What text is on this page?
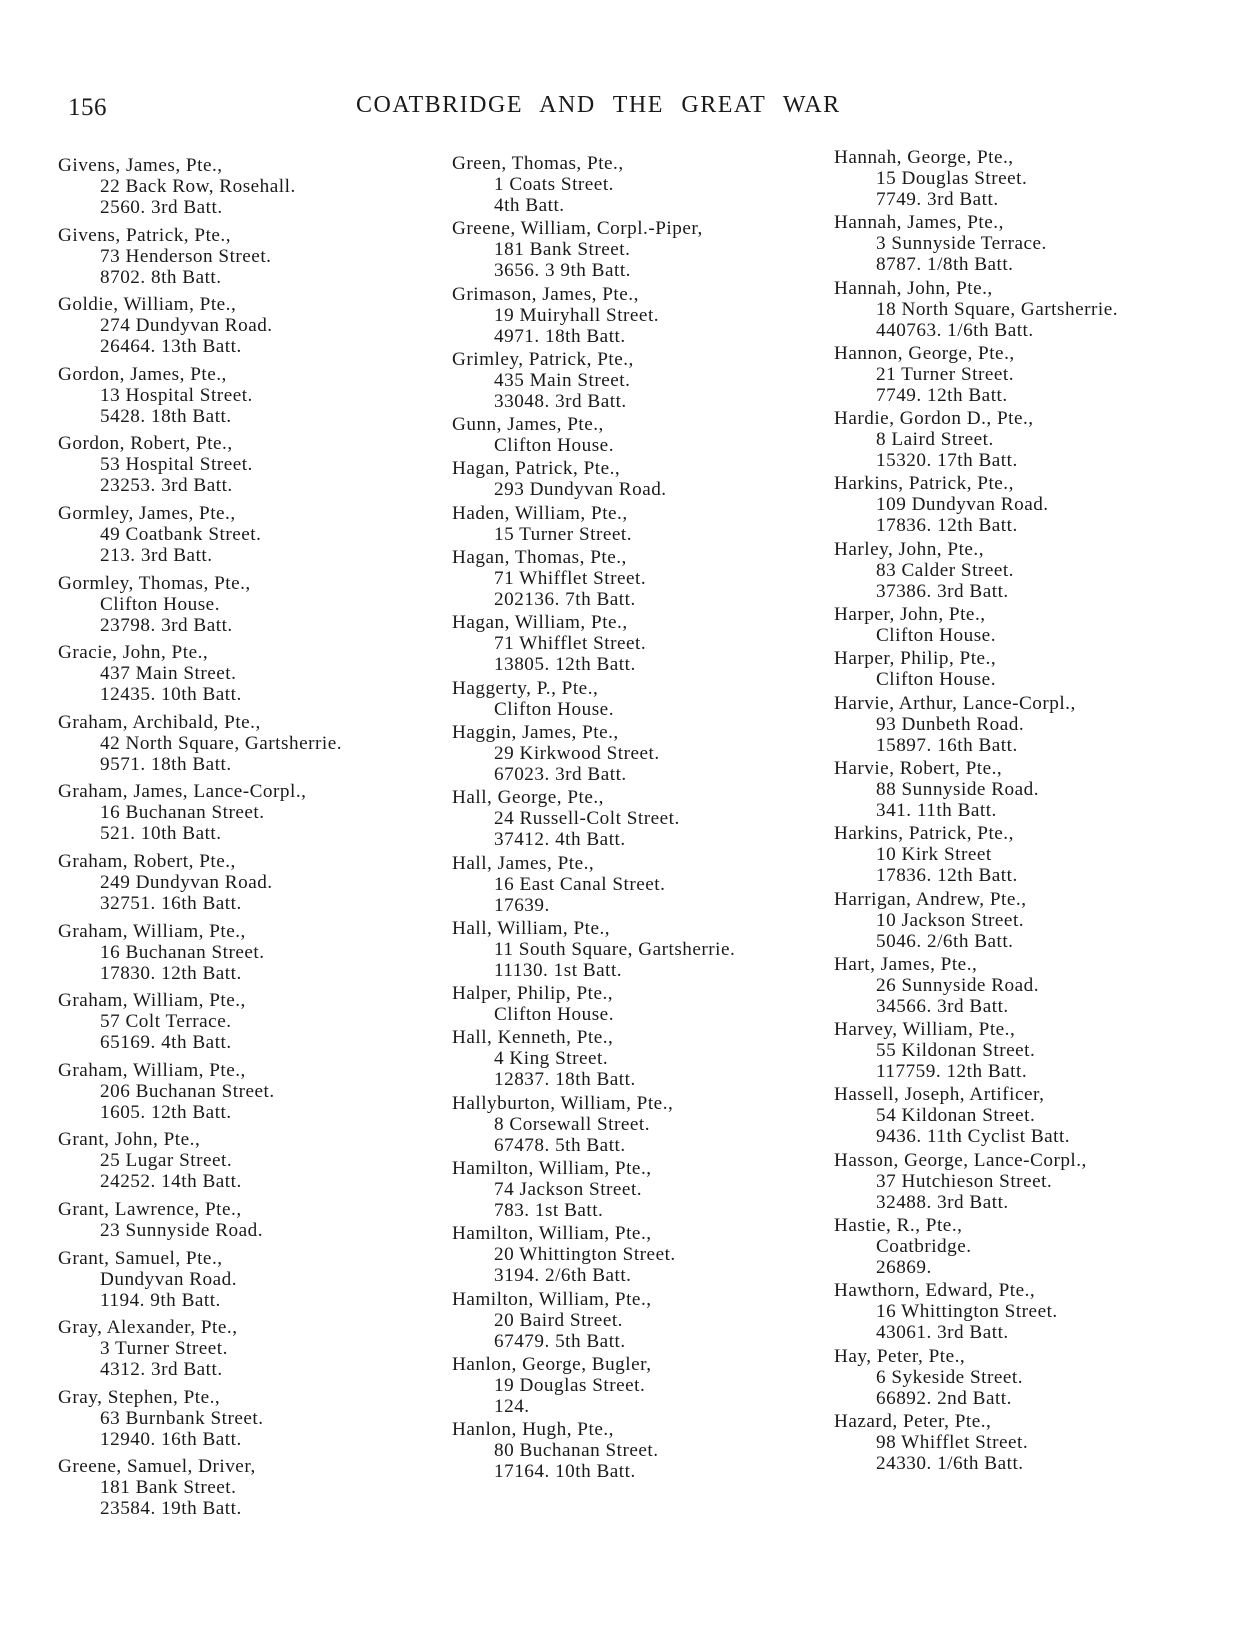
156	COATBRIDGE AND THE GREAT WAR
Givens, James, Pte.,
22 Back Row, Rosehall.
2560. 3rd Batt.
Givens, Patrick, Pte.,
73 Henderson Street.
8702. 8th Batt.
Goldie, William, Pte.,
274 Dundyvan Road.
26464. 13th Batt.
Gordon, James, Pte.,
13 Hospital Street.
5428. 18th Batt.
Gordon, Robert, Pte.,
53 Hospital Street.
23253. 3rd Batt.
Gormley, James, Pte.,
49 Coatbank Street.
213. 3rd Batt.
Gormley, Thomas, Pte.,
Clifton House.
23798. 3rd Batt.
Gracie, John, Pte.,
437 Main Street.
12435. 10th Batt.
Graham, Archibald, Pte.,
42 North Square, Gartsherrie.
9571. 18th Batt.
Graham, James, Lance-Corpl.,
16 Buchanan Street.
521. 10th Batt.
Graham, Robert, Pte.,
249 Dundyvan Road.
32751. 16th Batt.
Graham, William, Pte.,
16 Buchanan Street.
17830. 12th Batt.
Graham, William, Pte.,
57 Colt Terrace.
65169. 4th Batt.
Graham, William, Pte.,
206 Buchanan Street.
1605. 12th Batt.
Grant, John, Pte.,
25 Lugar Street.
24252. 14th Batt.
Grant, Lawrence, Pte.,
23 Sunnyside Road.
Grant, Samuel, Pte.,
Dundyvan Road.
1194. 9th Batt.
Gray, Alexander, Pte.,
3 Turner Street.
4312. 3rd Batt.
Gray, Stephen, Pte.,
63 Burnbank Street.
12940. 16th Batt.
Greene, Samuel, Driver,
181 Bank Street.
23584. 19th Batt.
Green, Thomas, Pte.,
1 Coats Street.
4th Batt.
Greene, William, Corpl.-Piper,
181 Bank Street.
3656. 3 9th Batt.
Grimason, James, Pte.,
19 Muiryhall Street.
4971. 18th Batt.
Grimley, Patrick, Pte.,
435 Main Street.
33048. 3rd Batt.
Gunn, James, Pte.,
Clifton House.
Hagan, Patrick, Pte.,
293 Dundyvan Road.
Haden, William, Pte.,
15 Turner Street.
Hagan, Thomas, Pte.,
71 Whifflet Street.
202136. 7th Batt.
Hagan, William, Pte.,
71 Whifflet Street.
13805. 12th Batt.
Haggerty, P., Pte.,
Clifton House.
Haggin, James, Pte.,
29 Kirkwood Street.
67023. 3rd Batt.
Hall, George, Pte.,
24 Russell-Colt Street.
37412. 4th Batt.
Hall, James, Pte.,
16 East Canal Street.
17639.
Hall, William, Pte.,
11 South Square, Gartsherrie.
11130. 1st Batt.
Halper, Philip, Pte.,
Clifton House.
Hall, Kenneth, Pte.,
4 King Street.
12837. 18th Batt.
Hallyburton, William, Pte.,
8 Corsewall Street.
67478. 5th Batt.
Hamilton, William, Pte.,
74 Jackson Street.
783. 1st Batt.
Hamilton, William, Pte.,
20 Whittington Street.
3194. 2/6th Batt.
Hamilton, William, Pte.,
20 Baird Street.
67479. 5th Batt.
Hanlon, George, Bugler,
19 Douglas Street.
124.
Hanlon, Hugh, Pte.,
80 Buchanan Street.
17164. 10th Batt.
Hannah, George, Pte.,
15 Douglas Street.
7749. 3rd Batt.
Hannah, James, Pte.,
3 Sunnyside Terrace.
8787. 1/8th Batt.
Hannah, John, Pte.,
18 North Square, Gartsherrie.
440763. 1/6th Batt.
Hannon, George, Pte.,
21 Turner Street.
7749. 12th Batt.
Hardie, Gordon D., Pte.,
8 Laird Street.
15320. 17th Batt.
Harkins, Patrick, Pte.,
109 Dundyvan Road.
17836. 12th Batt.
Harley, John, Pte.,
83 Calder Street.
37386. 3rd Batt.
Harper, John, Pte.,
Clifton House.
Harper, Philip, Pte.,
Clifton House.
Harvie, Arthur, Lance-Corpl.,
93 Dunbeth Road.
15897. 16th Batt.
Harvie, Robert, Pte.,
88 Sunnyside Road.
341. 11th Batt.
Harkins, Patrick, Pte.,
10 Kirk Street
17836. 12th Batt.
Harrigan, Andrew, Pte.,
10 Jackson Street.
5046. 2/6th Batt.
Hart, James, Pte.,
26 Sunnyside Road.
34566. 3rd Batt.
Harvey, William, Pte.,
55 Kildonan Street.
117759. 12th Batt.
Hassell, Joseph, Artificer,
54 Kildonan Street.
9436. 11th Cyclist Batt.
Hasson, George, Lance-Corpl.,
37 Hutchieson Street.
32488. 3rd Batt.
Hastie, R., Pte.,
Coatbridge.
26869.
Hawthorn, Edward, Pte.,
16 Whittington Street.
43061. 3rd Batt.
Hay, Peter, Pte.,
6 Sykeside Street.
66892. 2nd Batt.
Hazard, Peter, Pte.,
98 Whifflet Street.
24330. 1/6th Batt.
